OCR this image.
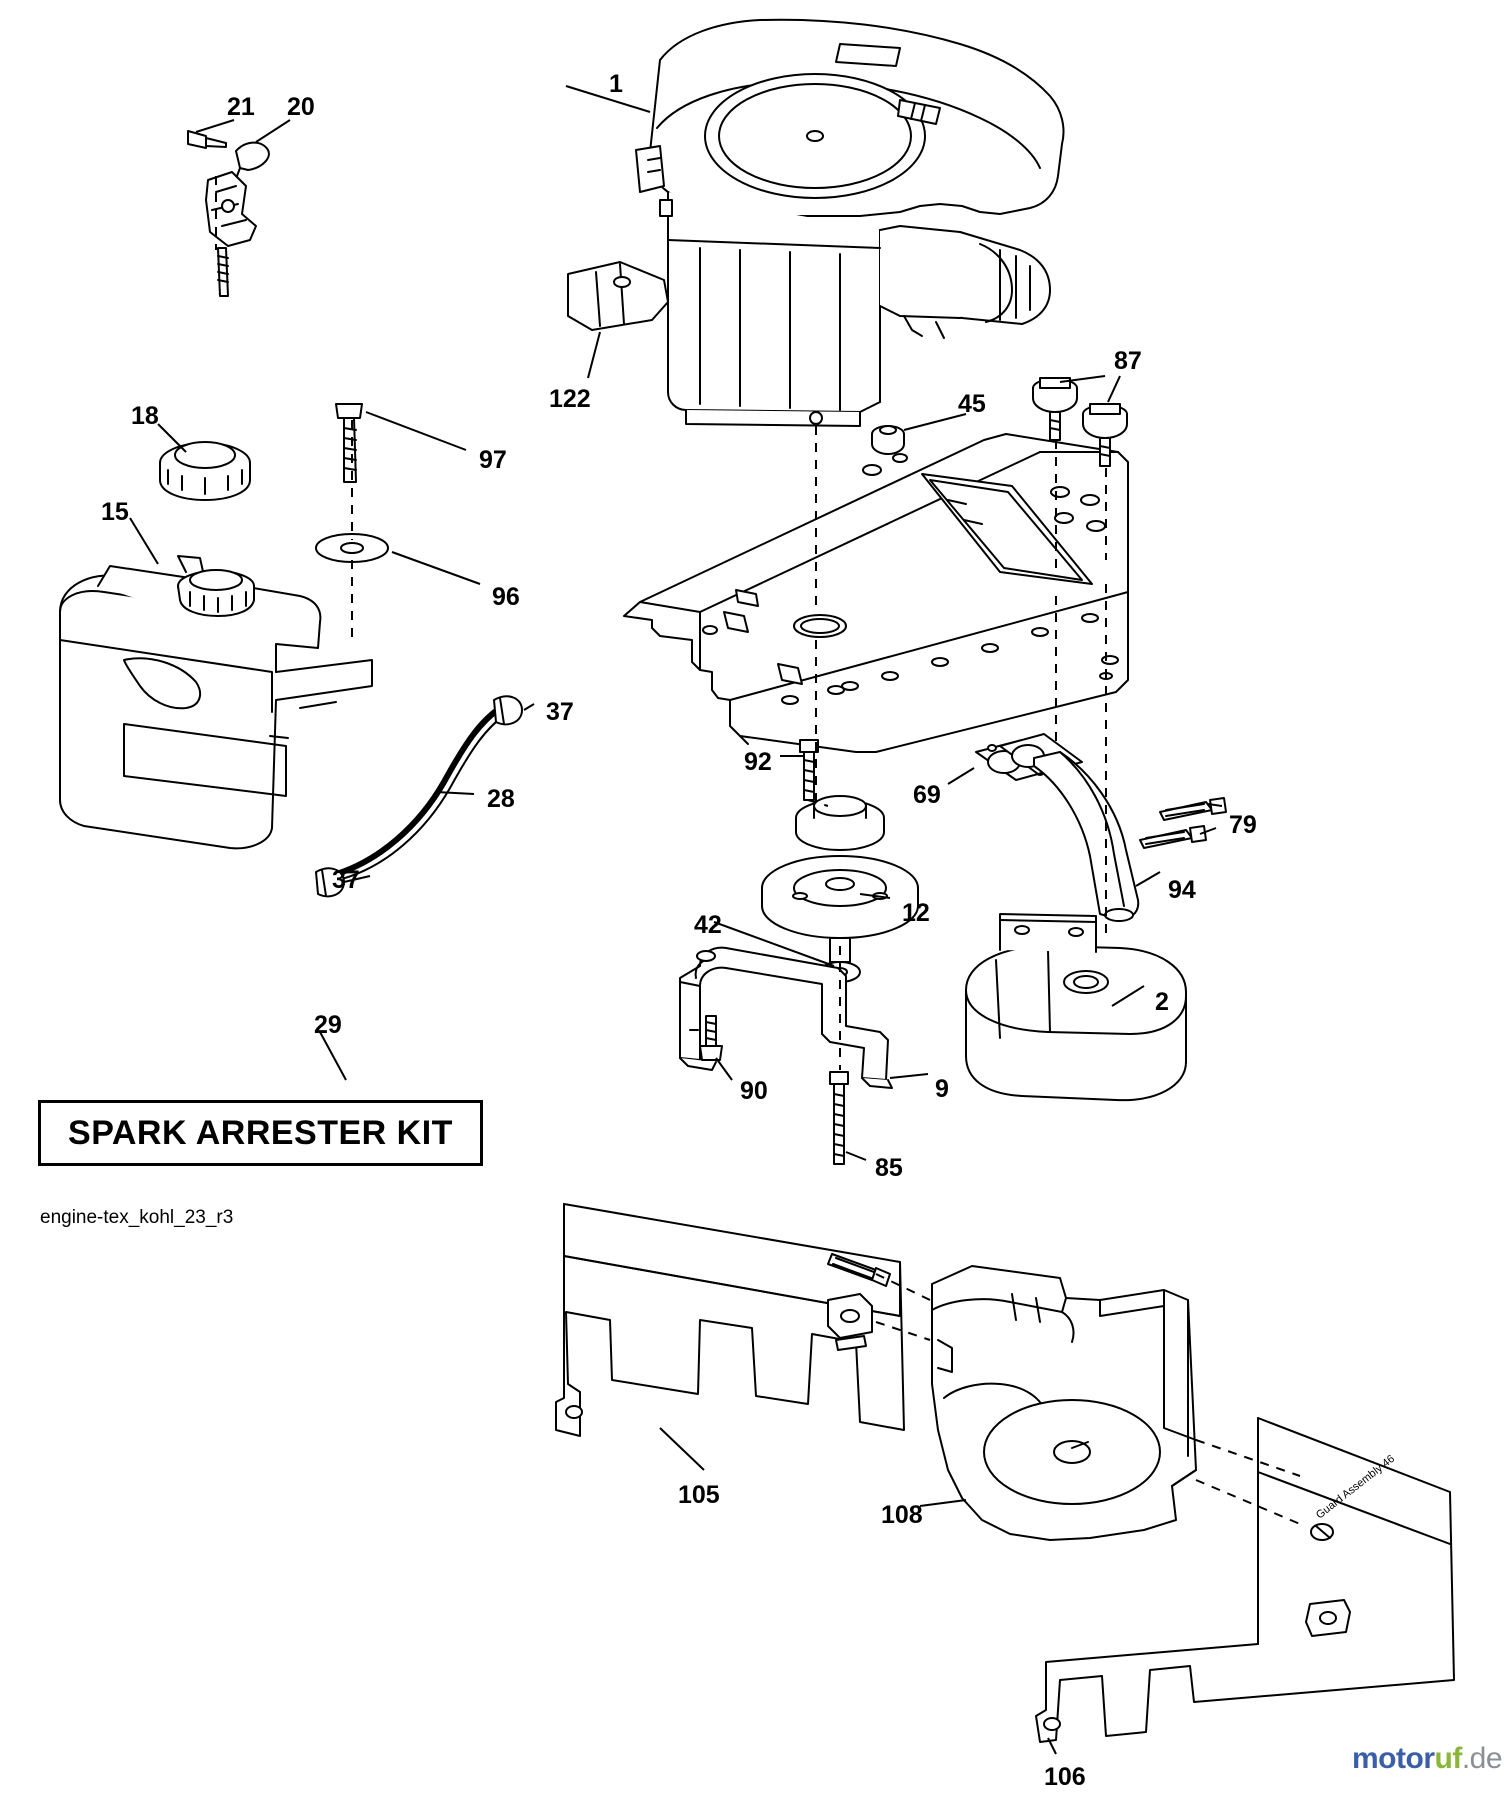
1
21 20
87
45
122
18
97
15
96
37
92
69
79
28
37	94
12
42
2
29
9
90
85
105
108
106
SPARK ARRESTER KIT
engine-tex_kohl_23_r3
Guard Assembly 46
motoruf.de
